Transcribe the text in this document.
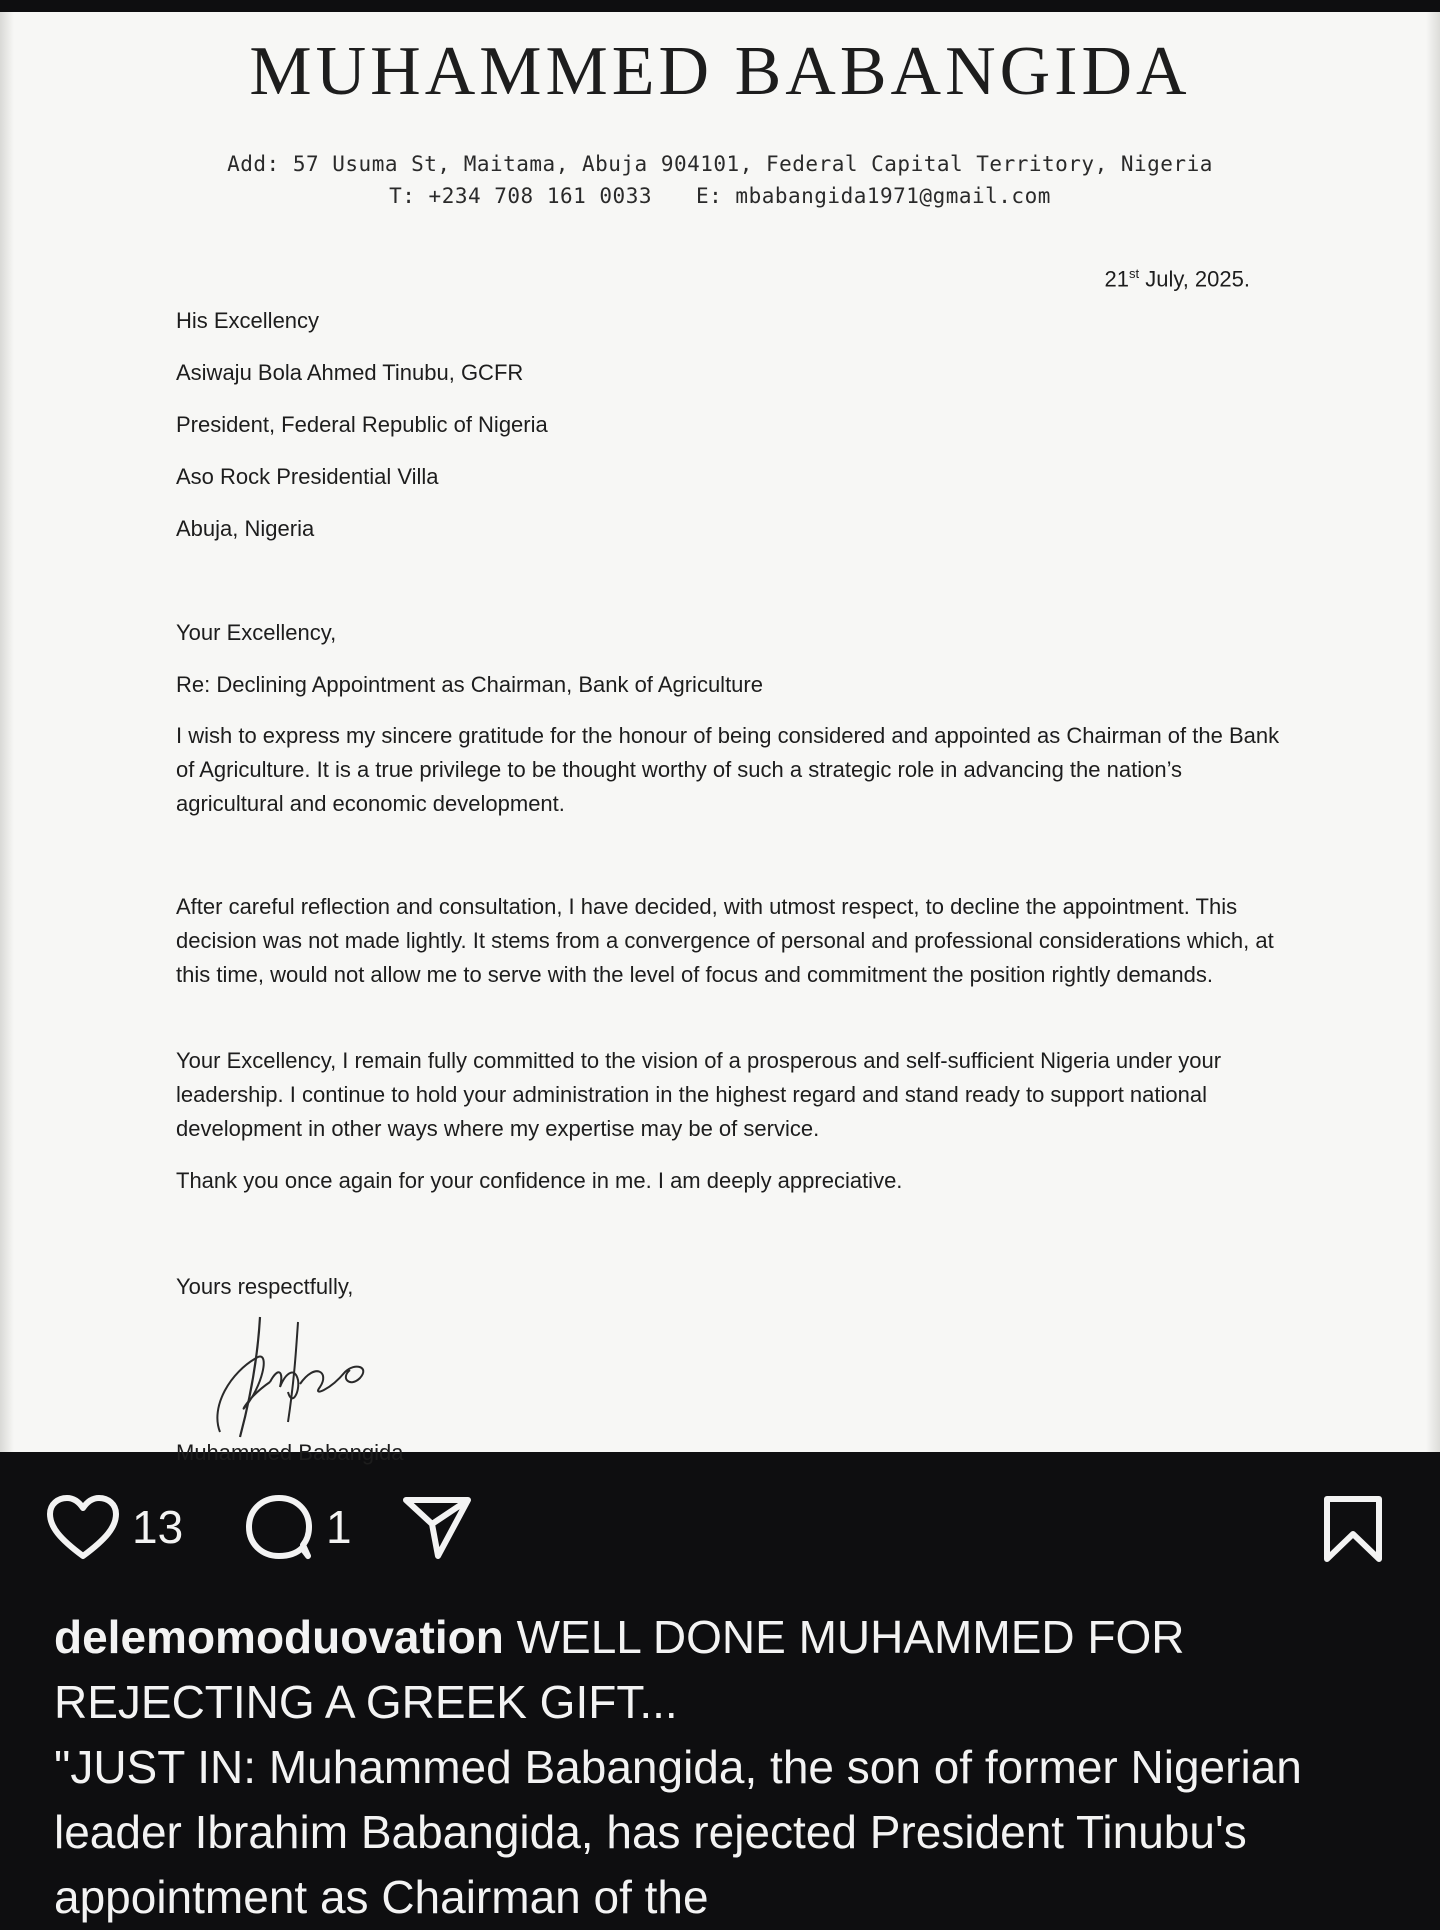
MUHAMMED BABANGIDA
Add: 57 Usuma St, Maitama, Abuja 904101, Federal Capital Territory, Nigeria
T: +234 708 161 0033 E: mbabangida1971@gmail.com
21st July, 2025.
His Excellency
Asiwaju Bola Ahmed Tinubu, GCFR
President, Federal Republic of Nigeria
Aso Rock Presidential Villa
Abuja, Nigeria
Your Excellency,
Re: Declining Appointment as Chairman, Bank of Agriculture
I wish to express my sincere gratitude for the honour of being considered and appointed as Chairman of the Bank of Agriculture. It is a true privilege to be thought worthy of such a strategic role in advancing the nation’s agricultural and economic development.
After careful reflection and consultation, I have decided, with utmost respect, to decline the appointment. This decision was not made lightly. It stems from a convergence of personal and professional considerations which, at this time, would not allow me to serve with the level of focus and commitment the position rightly demands.
Your Excellency, I remain fully committed to the vision of a prosperous and self-sufficient Nigeria under your leadership. I continue to hold your administration in the highest regard and stand ready to support national development in other ways where my expertise may be of service.
Thank you once again for your confidence in me. I am deeply appreciative.
Yours respectfully,
Muhammed Babangida
13	1

delemomoduovation WELL DONE MUHAMMED FOR REJECTING A GREEK GIFT...

"JUST IN: Muhammed Babangida, the son of former Nigerian leader Ibrahim Babangida, has rejected President Tinubu's appointment as Chairman of the
